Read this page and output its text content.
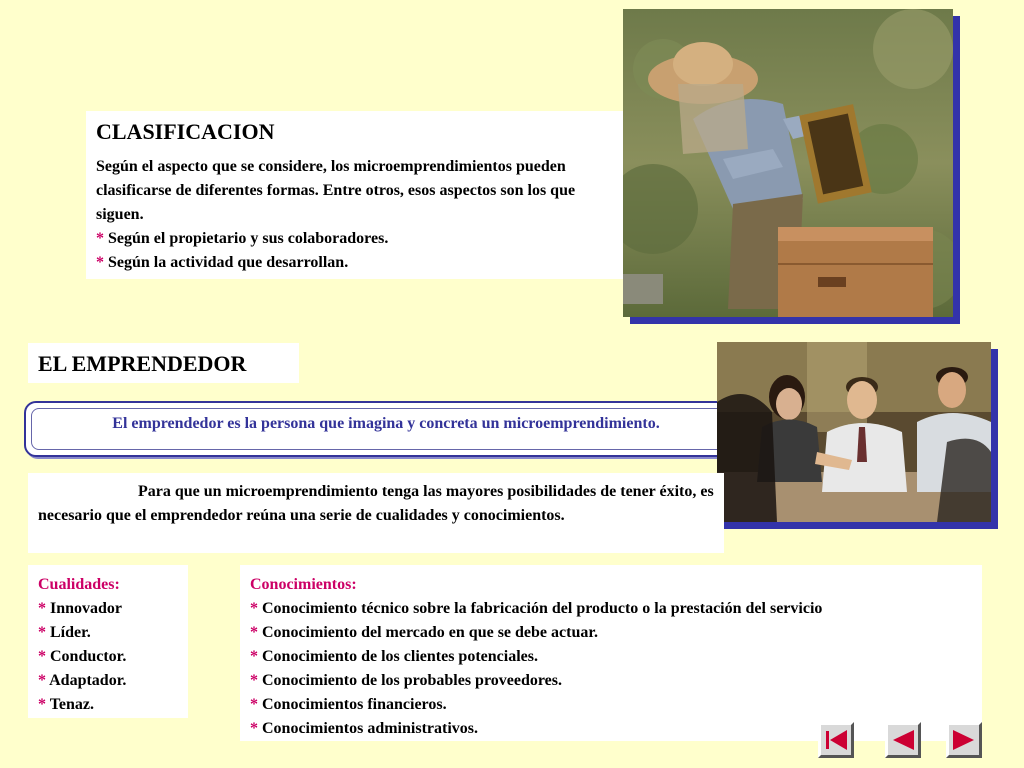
CLASIFICACION
Según el aspecto que se considere, los microemprendimientos pueden clasificarse de diferentes formas. Entre otros, esos aspectos son los que siguen.
* Según el propietario y sus colaboradores.
* Según la actividad que desarrollan.
EL EMPRENDEDOR
El emprendedor es la persona que imagina y concreta un microemprendimiento.
Para que un microemprendimiento tenga las mayores posibilidades de tener éxito, es necesario que el emprendedor reúna una serie de cualidades y conocimientos.
Cualidades:
* Innovador
* Líder.
* Conductor.
* Adaptador.
* Tenaz.
Conocimientos:
* Conocimiento técnico sobre la fabricación del producto o la prestación del servicio
* Conocimiento del mercado en que se debe actuar.
* Conocimiento de los clientes potenciales.
* Conocimiento de los probables proveedores.
* Conocimientos financieros.
* Conocimientos administrativos.
